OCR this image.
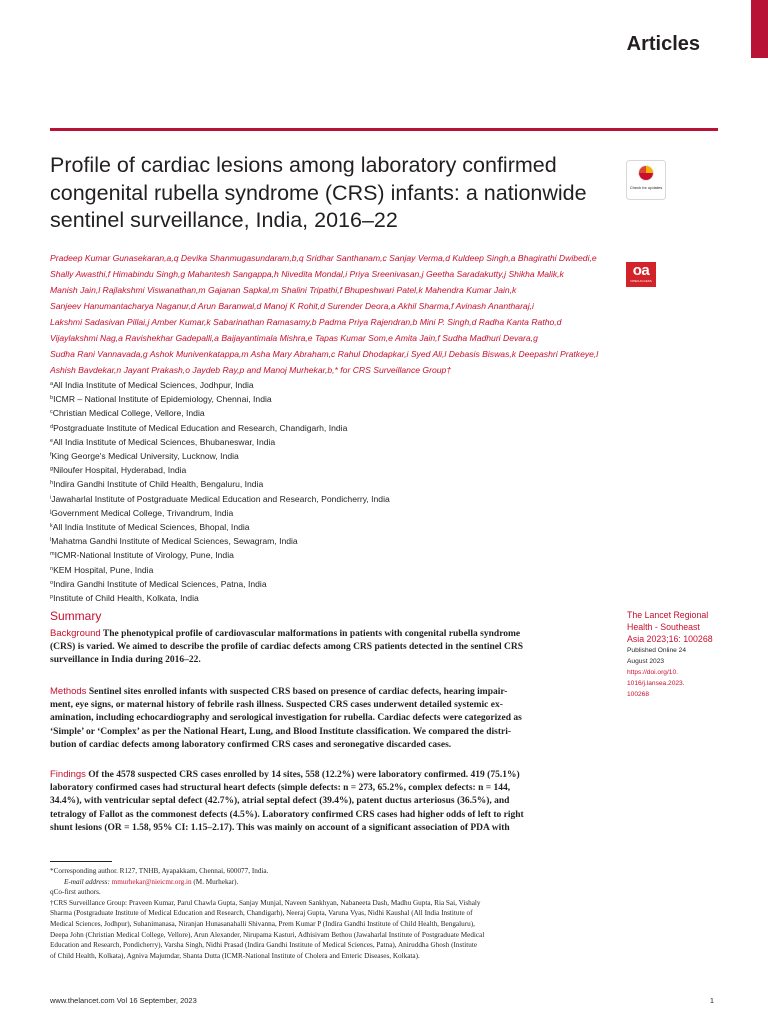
Articles
Profile of cardiac lesions among laboratory confirmed
congenital rubella syndrome (CRS) infants: a nationwide
sentinel surveillance, India, 2016–22
Check for updates
oa
OPEN ACCESS
Pradeep Kumar Gunasekaran,a,q Devika Shanmugasundaram,b,q Sridhar Santhanam,c Sanjay Verma,d Kuldeep Singh,a Bhagirathi Dwibedi,e
Shally Awasthi,f Himabindu Singh,g Mahantesh Sangappa,h Nivedita Mondal,i Priya Sreenivasan,j Geetha Saradakutty,j Shikha Malik,k
Manish Jain,l Rajlakshmi Viswanathan,m Gajanan Sapkal,m Shalini Tripathi,f Bhupeshwari Patel,k Mahendra Kumar Jain,k
Sanjeev Hanumantacharya Naganur,d Arun Baranwal,d Manoj K Rohit,d Surender Deora,a Akhil Sharma,f Avinash Anantharaj,i
Lakshmi Sadasivan Pillai,j Amber Kumar,k Sabarinathan Ramasamy,b Padma Priya Rajendran,b Mini P. Singh,d Radha Kanta Ratho,d
Vijaylakshmi Nag,a Ravishekhar Gadepalli,a Baijayantimala Mishra,e Tapas Kumar Som,e Amita Jain,f Sudha Madhuri Devara,g
Sudha Rani Vannavada,g Ashok Munivenkatappa,m Asha Mary Abraham,c Rahul Dhodapkar,i Syed Ali,l Debasis Biswas,k Deepashri Pratkeye,l
Ashish Bavdekar,n Jayant Prakash,o Jaydeb Ray,p and Manoj Murhekar,b,* for CRS Surveillance Group†
$^a$All India Institute of Medical Sciences, Jodhpur, India
$^b$ICMR – National Institute of Epidemiology, Chennai, India
$^c$Christian Medical College, Vellore, India
$^d$Postgraduate Institute of Medical Education and Research, Chandigarh, India
$^e$All India Institute of Medical Sciences, Bhubaneswar, India
$^f$King George's Medical University, Lucknow, India
$^g$Niloufer Hospital, Hyderabad, India
$^h$Indira Gandhi Institute of Child Health, Bengaluru, India
$^i$Jawaharlal Institute of Postgraduate Medical Education and Research, Pondicherry, India
$^j$Government Medical College, Trivandrum, India
$^k$All India Institute of Medical Sciences, Bhopal, India
$^l$Mahatma Gandhi Institute of Medical Sciences, Sewagram, India
$^m$ICMR-National Institute of Virology, Pune, India
$^n$KEM Hospital, Pune, India
$^o$Indira Gandhi Institute of Medical Sciences, Patna, India
$^p$Institute of Child Health, Kolkata, India
Summary
Background The phenotypical profile of cardiovascular malformations in patients with congenital rubella syndrome
(CRS) is varied. We aimed to describe the profile of cardiac defects among CRS patients detected in the sentinel CRS
surveillance in India during 2016–22.
Methods Sentinel sites enrolled infants with suspected CRS based on presence of cardiac defects, hearing impair-
ment, eye signs, or maternal history of febrile rash illness. Suspected CRS cases underwent detailed systemic ex-
amination, including echocardiography and serological investigation for rubella. Cardiac defects were categorized as
‘Simple’ or ‘Complex’ as per the National Heart, Lung, and Blood Institute classification. We compared the distri-
bution of cardiac defects among laboratory confirmed CRS cases and seronegative discarded cases.
Findings Of the 4578 suspected CRS cases enrolled by 14 sites, 558 (12.2%) were laboratory confirmed. 419 (75.1%)
laboratory confirmed cases had structural heart defects (simple defects: n = 273, 65.2%, complex defects: n = 144,
34.4%), with ventricular septal defect (42.7%), atrial septal defect (39.4%), patent ductus arteriosus (36.5%), and
tetralogy of Fallot as the commonest defects (4.5%). Laboratory confirmed CRS cases had higher odds of left to right
shunt lesions (OR = 1.58, 95% CI: 1.15–2.17). This was mainly on account of a significant association of PDA with
The Lancet Regional
Health - Southeast
Asia 2023;16: 100268
Published Online 24
August 2023
https://doi.org/10.
1016/j.lansea.2023.
100268
*Corresponding author. R127, TNHB, Ayapakkam, Chennai, 600077, India.
E-mail address: mmurhekar@nieicmr.org.in (M. Murhekar).
qCo-first authors.
†CRS Surveillance Group: Praveen Kumar, Parul Chawla Gupta, Sanjay Munjal, Naveen Sankhyan, Nabaneeta Dash, Madhu Gupta, Ria Sai, Vishaly
Sharma (Postgraduate Institute of Medical Education and Research, Chandigarh), Neeraj Gupta, Varuna Vyas, Nidhi Kaushal (All India Institute of
Medical Sciences, Jodhpur), Suhanimanasa, Niranjan Hunasanahalli Shivanna, Prem Kumar P (Indira Gandhi Institute of Child Health, Bengaluru),
Deepa John (Christian Medical College, Vellore), Arun Alexander, Nirupama Kasturi, Adhisivam Bethou (Jawaharlal Institute of Postgraduate Medical
Education and Research, Pondicherry), Varsha Singh, Nidhi Prasad (Indira Gandhi Institute of Medical Sciences, Patna), Aniruddha Ghosh (Institute
of Child Health, Kolkata), Agniva Majumdar, Shanta Dutta (ICMR-National Institute of Cholera and Enteric Diseases, Kolkata).
www.thelancet.com Vol 16 September, 2023	1
